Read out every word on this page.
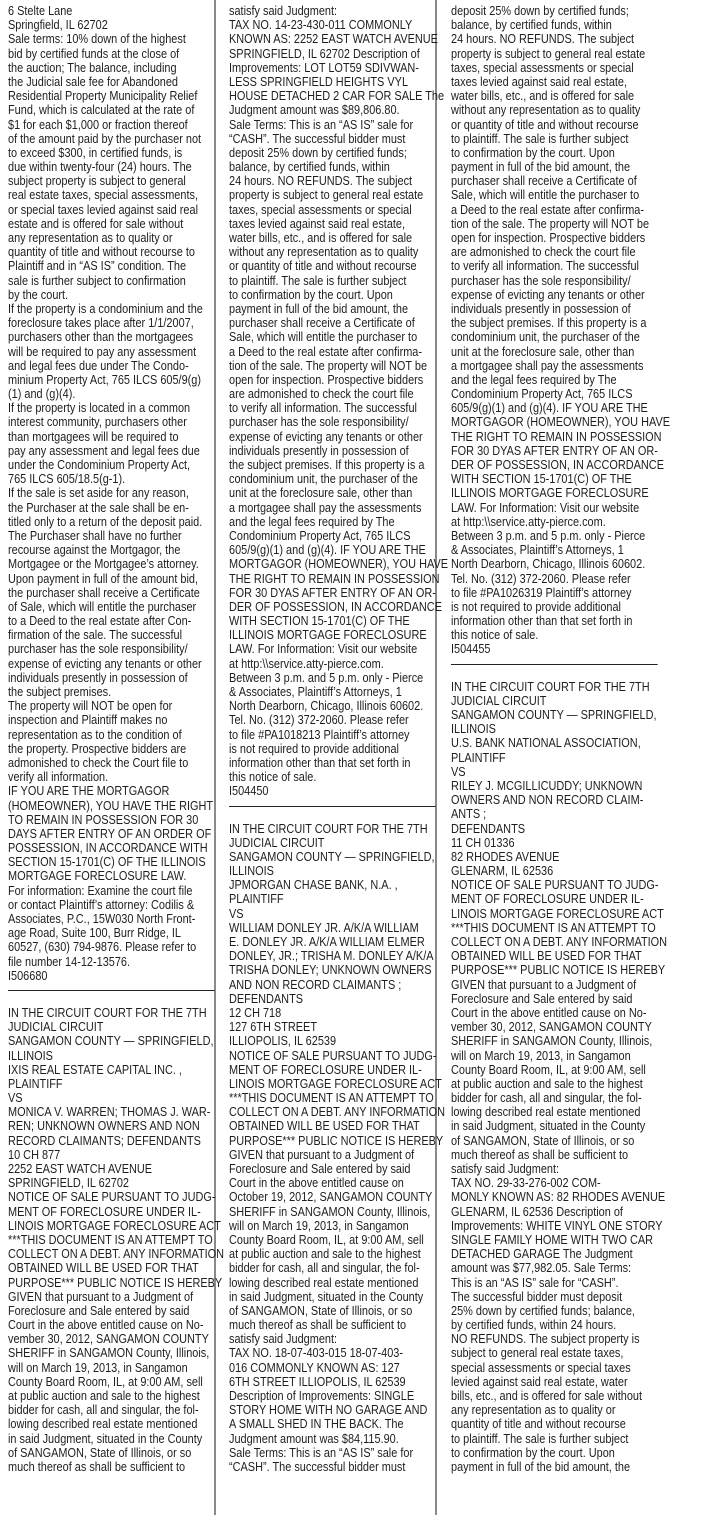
6 Stelte Lane
Springfield, IL 62702
Sale terms: 10% down of the highest
bid by certified funds at the close of
the auction; The balance, including
the Judicial sale fee for Abandoned
Residential Property Municipality Relief
Fund, which is calculated at the rate of
$1 for each $1,000 or fraction thereof
of the amount paid by the purchaser not
to exceed $300, in certified funds, is
due within twenty-four (24) hours. The
subject property is subject to general
real estate taxes, special assessments,
or special taxes levied against said real
estate and is offered for sale without
any representation as to quality or
quantity of title and without recourse to
Plaintiff and in “AS IS” condition. The
sale is further subject to confirmation
by the court.
If the property is a condominium and the
foreclosure takes place after 1/1/2007,
purchasers other than the mortgagees
will be required to pay any assessment
and legal fees due under The Condo-
minium Property Act, 765 ILCS 605/9(g)
(1) and (g)(4).
If the property is located in a common
interest community, purchasers other
than mortgagees will be required to
pay any assessment and legal fees due
under the Condominium Property Act,
765 ILCS 605/18.5(g-1).
If the sale is set aside for any reason,
the Purchaser at the sale shall be en-
titled only to a return of the deposit paid.
The Purchaser shall have no further
recourse against the Mortgagor, the
Mortgagee or the Mortgagee’s attorney.
Upon payment in full of the amount bid,
the purchaser shall receive a Certificate
of Sale, which will entitle the purchaser
to a Deed to the real estate after Con-
firmation of the sale. The successful
purchaser has the sole responsibility/
expense of evicting any tenants or other
individuals presently in possession of
the subject premises.
The property will NOT be open for
inspection and Plaintiff makes no
representation as to the condition of
the property. Prospective bidders are
admonished to check the Court file to
verify all information.
IF YOU ARE THE MORTGAGOR
(HOMEOWNER), YOU HAVE THE RIGHT
TO REMAIN IN POSSESSION FOR 30
DAYS AFTER ENTRY OF AN ORDER OF
POSSESSION, IN ACCORDANCE WITH
SECTION 15-1701(C) OF THE ILLINOIS
MORTGAGE FORECLOSURE LAW.
For information: Examine the court file
or contact Plaintiff’s attorney: Codilis &
Associates, P.C., 15W030 North Front-
age Road, Suite 100, Burr Ridge, IL
60527, (630) 794-9876. Please refer to
file number 14-12-13576.
I506680
IN THE CIRCUIT COURT FOR THE 7TH
JUDICIAL CIRCUIT
SANGAMON COUNTY — SPRINGFIELD,
ILLINOIS
IXIS REAL ESTATE CAPITAL INC. ,
PLAINTIFF
VS
MONICA V. WARREN; THOMAS J. WAR-
REN; UNKNOWN OWNERS AND NON
RECORD CLAIMANTS; DEFENDANTS
10 CH 877
2252 EAST WATCH AVENUE
SPRINGFIELD, IL 62702
NOTICE OF SALE PURSUANT TO JUDG-
MENT OF FORECLOSURE UNDER IL-
LINOIS MORTGAGE FORECLOSURE ACT
***THIS DOCUMENT IS AN ATTEMPT TO
COLLECT ON A DEBT. ANY INFORMATION
OBTAINED WILL BE USED FOR THAT
PURPOSE*** PUBLIC NOTICE IS HEREBY
GIVEN that pursuant to a Judgment of
Foreclosure and Sale entered by said
Court in the above entitled cause on No-
vember 30, 2012, SANGAMON COUNTY
SHERIFF in SANGAMON County, Illinois,
will on March 19, 2013, in Sangamon
County Board Room, IL, at 9:00 AM, sell
at public auction and sale to the highest
bidder for cash, all and singular, the fol-
lowing described real estate mentioned
in said Judgment, situated in the County
of SANGAMON, State of Illinois, or so
much thereof as shall be sufficient to
satisfy said Judgment:
TAX NO. 14-23-430-011 COMMONLY
KNOWN AS: 2252 EAST WATCH AVENUE
SPRINGFIELD, IL 62702 Description of
Improvements: LOT LOT59 SDIVWAN-
LESS SPRINGFIELD HEIGHTS VYL
HOUSE DETACHED 2 CAR FOR SALE The
Judgment amount was $89,806.80.
Sale Terms: This is an “AS IS” sale for
“CASH”. The successful bidder must
deposit 25% down by certified funds;
balance, by certified funds, within
24 hours. NO REFUNDS. The subject
property is subject to general real estate
taxes, special assessments or special
taxes levied against said real estate,
water bills, etc., and is offered for sale
without any representation as to quality
or quantity of title and without recourse
to plaintiff. The sale is further subject
to confirmation by the court. Upon
payment in full of the bid amount, the
purchaser shall receive a Certificate of
Sale, which will entitle the purchaser to
a Deed to the real estate after confirma-
tion of the sale. The property will NOT be
open for inspection. Prospective bidders
are admonished to check the court file
to verify all information. The successful
purchaser has the sole responsibility/
expense of evicting any tenants or other
individuals presently in possession of
the subject premises. If this property is a
condominium unit, the purchaser of the
unit at the foreclosure sale, other than
a mortgagee shall pay the assessments
and the legal fees required by The
Condominium Property Act, 765 ILCS
605/9(g)(1) and (g)(4). IF YOU ARE THE
MORTGAGOR (HOMEOWNER), YOU HAVE
THE RIGHT TO REMAIN IN POSSESSION
FOR 30 DYAS AFTER ENTRY OF AN OR-
DER OF POSSESSION, IN ACCORDANCE
WITH SECTION 15-1701(C) OF THE
ILLINOIS MORTGAGE FORECLOSURE
LAW. For Information: Visit our website
at http:\\service.atty-pierce.com.
Between 3 p.m. and 5 p.m. only - Pierce
& Associates, Plaintiff’s Attorneys, 1
North Dearborn, Chicago, Illinois 60602.
Tel. No. (312) 372-2060. Please refer
to file #PA1018213 Plaintiff’s attorney
is not required to provide additional
information other than that set forth in
this notice of sale.
I504450
IN THE CIRCUIT COURT FOR THE 7TH
JUDICIAL CIRCUIT
SANGAMON COUNTY — SPRINGFIELD,
ILLINOIS
JPMORGAN CHASE BANK, N.A. ,
PLAINTIFF
VS
WILLIAM DONLEY JR. A/K/A WILLIAM
E. DONLEY JR. A/K/A WILLIAM ELMER
DONLEY, JR.; TRISHA M. DONLEY A/K/A
TRISHA DONLEY; UNKNOWN OWNERS
AND NON RECORD CLAIMANTS ;
DEFENDANTS
12 CH 718
127 6TH STREET
ILLIOPOLIS, IL 62539
NOTICE OF SALE PURSUANT TO JUDG-
MENT OF FORECLOSURE UNDER IL-
LINOIS MORTGAGE FORECLOSURE ACT
***THIS DOCUMENT IS AN ATTEMPT TO
COLLECT ON A DEBT. ANY INFORMATION
OBTAINED WILL BE USED FOR THAT
PURPOSE*** PUBLIC NOTICE IS HEREBY
GIVEN that pursuant to a Judgment of
Foreclosure and Sale entered by said
Court in the above entitled cause on
October 19, 2012, SANGAMON COUNTY
SHERIFF in SANGAMON County, Illinois,
will on March 19, 2013, in Sangamon
County Board Room, IL, at 9:00 AM, sell
at public auction and sale to the highest
bidder for cash, all and singular, the fol-
lowing described real estate mentioned
in said Judgment, situated in the County
of SANGAMON, State of Illinois, or so
much thereof as shall be sufficient to
satisfy said Judgment:
TAX NO. 18-07-403-015 18-07-403-
016 COMMONLY KNOWN AS: 127
6TH STREET ILLIOPOLIS, IL 62539
Description of Improvements: SINGLE
STORY HOME WITH NO GARAGE AND
A SMALL SHED IN THE BACK. The
Judgment amount was $84,115.90.
Sale Terms: This is an “AS IS” sale for
“CASH”. The successful bidder must
deposit 25% down by certified funds;
balance, by certified funds, within
24 hours. NO REFUNDS. The subject
property is subject to general real estate
taxes, special assessments or special
taxes levied against said real estate,
water bills, etc., and is offered for sale
without any representation as to quality
or quantity of title and without recourse
to plaintiff. The sale is further subject
to confirmation by the court. Upon
payment in full of the bid amount, the
purchaser shall receive a Certificate of
Sale, which will entitle the purchaser to
a Deed to the real estate after confirma-
tion of the sale. The property will NOT be
open for inspection. Prospective bidders
are admonished to check the court file
to verify all information. The successful
purchaser has the sole responsibility/
expense of evicting any tenants or other
individuals presently in possession of
the subject premises. If this property is a
condominium unit, the purchaser of the
unit at the foreclosure sale, other than
a mortgagee shall pay the assessments
and the legal fees required by The
Condominium Property Act, 765 ILCS
605/9(g)(1) and (g)(4). IF YOU ARE THE
MORTGAGOR (HOMEOWNER), YOU HAVE
THE RIGHT TO REMAIN IN POSSESSION
FOR 30 DYAS AFTER ENTRY OF AN OR-
DER OF POSSESSION, IN ACCORDANCE
WITH SECTION 15-1701(C) OF THE
ILLINOIS MORTGAGE FORECLOSURE
LAW. For Information: Visit our website
at http:\\service.atty-pierce.com.
Between 3 p.m. and 5 p.m. only - Pierce
& Associates, Plaintiff’s Attorneys, 1
North Dearborn, Chicago, Illinois 60602.
Tel. No. (312) 372-2060. Please refer
to file #PA1026319 Plaintiff’s attorney
is not required to provide additional
information other than that set forth in
this notice of sale.
I504455
IN THE CIRCUIT COURT FOR THE 7TH
JUDICIAL CIRCUIT
SANGAMON COUNTY — SPRINGFIELD,
ILLINOIS
U.S. BANK NATIONAL ASSOCIATION,
PLAINTIFF
VS
RILEY J. MCGILLICUDDY; UNKNOWN
OWNERS AND NON RECORD CLAIM-
ANTS ;
DEFENDANTS
11 CH 01336
82 RHODES AVENUE
GLENARM, IL 62536
NOTICE OF SALE PURSUANT TO JUDG-
MENT OF FORECLOSURE UNDER IL-
LINOIS MORTGAGE FORECLOSURE ACT
***THIS DOCUMENT IS AN ATTEMPT TO
COLLECT ON A DEBT. ANY INFORMATION
OBTAINED WILL BE USED FOR THAT
PURPOSE*** PUBLIC NOTICE IS HEREBY
GIVEN that pursuant to a Judgment of
Foreclosure and Sale entered by said
Court in the above entitled cause on No-
vember 30, 2012, SANGAMON COUNTY
SHERIFF in SANGAMON County, Illinois,
will on March 19, 2013, in Sangamon
County Board Room, IL, at 9:00 AM, sell
at public auction and sale to the highest
bidder for cash, all and singular, the fol-
lowing described real estate mentioned
in said Judgment, situated in the County
of SANGAMON, State of Illinois, or so
much thereof as shall be sufficient to
satisfy said Judgment:
TAX NO. 29-33-276-002 COM-
MONLY KNOWN AS: 82 RHODES AVENUE
GLENARM, IL 62536 Description of
Improvements: WHITE VINYL ONE STORY
SINGLE FAMILY HOME WITH TWO CAR
DETACHED GARAGE The Judgment
amount was $77,982.05. Sale Terms:
This is an “AS IS” sale for “CASH”.
The successful bidder must deposit
25% down by certified funds; balance,
by certified funds, within 24 hours.
NO REFUNDS. The subject property is
subject to general real estate taxes,
special assessments or special taxes
levied against said real estate, water
bills, etc., and is offered for sale without
any representation as to quality or
quantity of title and without recourse
to plaintiff. The sale is further subject
to confirmation by the court. Upon
payment in full of the bid amount, the
